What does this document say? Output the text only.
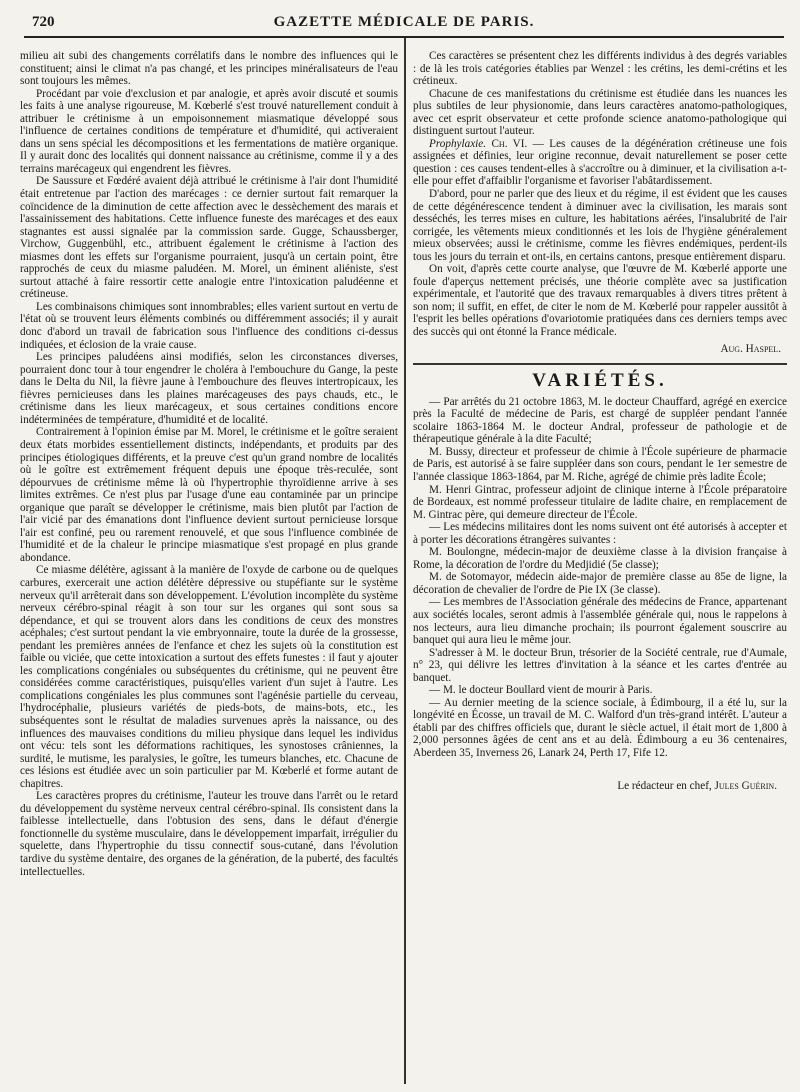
720	GAZETTE MÉDICALE DE PARIS.

milieu ait subi des changements corrélatifs dans le nombre des influences qui le constituent; ainsi le climat n'a pas changé, et les principes minéralisateurs de l'eau sont toujours les mêmes.

Procédant par voie d'exclusion et par analogie, et après avoir discuté et soumis les faits à une analyse rigoureuse, M. Kœberlé s'est trouvé naturellement conduit à attribuer le crétinisme à un empoisonnement miasmatique développé sous l'influence de certaines conditions de température et d'humidité, qui activeraient dans un sens spécial les décompositions et les fermentations de matière organique. Il y aurait donc des localités qui donnent naissance au crétinisme, comme il y a des terrains marécageux qui engendrent les fièvres.

De Saussure et Fœdéré avaient déjà attribué le crétinisme à l'air dont l'humidité était entretenue par l'action des marécages : ce dernier surtout fait remarquer la coïncidence de la diminution de cette affection avec le dessèchement des marais et l'assainissement des habitations. Cette influence funeste des marécages et des eaux stagnantes est aussi signalée par la commission sarde. Gugge, Schaussberger, Virchow, Guggenbühl, etc., attribuent également le crétinisme à l'action des miasmes dont les effets sur l'organisme pourraient, jusqu'à un certain point, être rapprochés de ceux du miasme paludéen. M. Morel, un éminent aliéniste, s'est surtout attaché à faire ressortir cette analogie entre l'intoxication paludéenne et crétineuse.

Les combinaisons chimiques sont innombrables; elles varient surtout en vertu de l'état où se trouvent leurs éléments combinés ou différemment associés; il y aurait donc d'abord un travail de fabrication sous l'influence des conditions ci-dessus indiquées, et éclosion de la vraie cause.

Les principes paludéens ainsi modifiés, selon les circonstances diverses, pourraient donc tour à tour engendrer le choléra à l'embouchure du Gange, la peste dans le Delta du Nil, la fièvre jaune à l'embouchure des fleuves intertropicaux, les fièvres pernicieuses dans les plaines marécageuses des pays chauds, etc., le crétinisme dans les lieux marécageux, et sous certaines conditions encore indéterminées de température, d'humidité et de localité.

Contrairement à l'opinion émise par M. Morel, le crétinisme et le goître seraient deux états morbides essentiellement distincts, indépendants, et produits par des principes étiologiques différents, et la preuve c'est qu'un grand nombre de localités où le goître est extrêmement fréquent depuis une époque très-reculée, sont dépourvues de crétinisme même là où l'hypertrophie thyroïdienne arrive à ses limites extrêmes. Ce n'est plus par l'usage d'une eau contaminée par un principe organique que paraît se développer le crétinisme, mais bien plutôt par l'action de l'air vicié par des émanations dont l'influence devient surtout pernicieuse lorsque l'air est confiné, peu ou rarement renouvelé, et que sous l'influence combinée de l'humidité et de la chaleur le principe miasmatique s'est propagé en plus grande abondance.

Ce miasme délétère, agissant à la manière de l'oxyde de carbone ou de quelques carbures, exercerait une action délétère dépressive ou stupéfiante sur le système nerveux qu'il arrêterait dans son développement. L'évolution incomplète du système nerveux cérébro-spinal réagit à son tour sur les organes qui sont sous sa dépendance, et qui se trouvent alors dans les conditions de ceux des monstres acéphales; c'est surtout pendant la vie embryonnaire, toute la durée de la grossesse, pendant les premières années de l'enfance et chez les sujets où la constitution est faible ou viciée, que cette intoxication a surtout des effets funestes : il faut y ajouter les complications congéniales ou subséquentes du crétinisme, qui ne peuvent être considérées comme caractéristiques, puisqu'elles varient d'un sujet à l'autre. Les complications congéniales les plus communes sont l'agénésie partielle du cerveau, l'hydrocéphalie, plusieurs variétés de pieds-bots, de mains-bots, etc., les subséquentes sont le résultat de maladies survenues après la naissance, ou des influences des mauvaises conditions du milieu physique dans lequel les individus ont vécu: tels sont les déformations rachitiques, les synostoses crâniennes, la surdité, le mutisme, les paralysies, le goître, les tumeurs blanches, etc. Chacune de ces lésions est étudiée avec un soin particulier par M. Kœberlé et forme autant de chapitres.

Les caractères propres du crétinisme, l'auteur les trouve dans l'arrêt ou le retard du développement du système nerveux central cérébro-spinal. Ils consistent dans la faiblesse intellectuelle, dans l'obtusion des sens, dans le défaut d'énergie fonctionnelle du système musculaire, dans le développement imparfait, irrégulier du squelette, dans l'hypertrophie du tissu connectif sous-cutané, dans l'évolution tardive du système dentaire, des organes de la génération, de la puberté, des facultés intellectuelles.

Ces caractères se présentent chez les différents individus à des degrés variables : de là les trois catégories établies par Wenzel : les crétins, les demi-crétins et les crétineux.

Chacune de ces manifestations du crétinisme est étudiée dans les nuances les plus subtiles de leur physionomie, dans leurs caractères anatomo-pathologiques, avec cet esprit observateur et cette profonde science anatomo-pathologique qui distinguent surtout l'auteur.

Prophylaxie. Ch. VI. — Les causes de la dégénération crétineuse une fois assignées et définies, leur origine reconnue, devait naturellement se poser cette question : ces causes tendent-elles à s'accroître ou à diminuer, et la civilisation a-t-elle pour effet d'affaiblir l'organisme et favoriser l'abâtardissement.

D'abord, pour ne parler que des lieux et du régime, il est évident que les causes de cette dégénérescence tendent à diminuer avec la civilisation, les marais sont desséchés, les terres mises en culture, les habitations aérées, l'insalubrité de l'air corrigée, les vêtements mieux conditionnés et les lois de l'hygiène généralement mieux observées; aussi le crétinisme, comme les fièvres endémiques, perdent-ils tous les jours du terrain et ont-ils, en certains cantons, presque entièrement disparu.

On voit, d'après cette courte analyse, que l'œuvre de M. Kœberlé apporte une foule d'aperçus nettement précisés, une théorie complète avec sa justification expérimentale, et l'autorité que des travaux remarquables à divers titres prêtent à son nom; il suffit, en effet, de citer le nom de M. Kœberlé pour rappeler aussitôt à l'esprit les belles opérations d'ovariotomie pratiquées dans ces derniers temps avec des succès qui ont étonné la France médicale.

Aug. Haspel.

VARIÉTÉS.

— Par arrêtés du 21 octobre 1863, M. le docteur Chauffard, agrégé en exercice près la Faculté de médecine de Paris, est chargé de suppléer pendant l'année scolaire 1863-1864 M. le docteur Andral, professeur de pathologie et de thérapeutique générale à la dite Faculté;

M. Bussy, directeur et professeur de chimie à l'École supérieure de pharmacie de Paris, est autorisé à se faire suppléer dans son cours, pendant le 1er semestre de l'année classique 1863-1864, par M. Riche, agrégé de chimie près ladite École;

M. Henri Gintrac, professeur adjoint de clinique interne à l'École préparatoire de Bordeaux, est nommé professeur titulaire de ladite chaire, en remplacement de M. Gintrac père, qui demeure directeur de l'École.

— Les médecins militaires dont les noms suivent ont été autorisés à accepter et à porter les décorations étrangères suivantes :

M. Boulongne, médecin-major de deuxième classe à la division française à Rome, la décoration de l'ordre du Medjidié (5e classe);

M. de Sotomayor, médecin aide-major de première classe au 85e de ligne, la décoration de chevalier de l'ordre de Pie IX (3e classe).

— Les membres de l'Association générale des médecins de France, appartenant aux sociétés locales, seront admis à l'assemblée générale qui, nous le rappelons à nos lecteurs, aura lieu dimanche prochain; ils pourront également souscrire au banquet qui aura lieu le même jour.

S'adresser à M. le docteur Brun, trésorier de la Société centrale, rue d'Aumale, n° 23, qui délivre les lettres d'invitation à la séance et les cartes d'entrée au banquet.

— M. le docteur Boullard vient de mourir à Paris.

— Au dernier meeting de la science sociale, à Édimbourg, il a été lu, sur la longévité en Écosse, un travail de M. C. Walford d'un très-grand intérêt. L'auteur a établi par des chiffres officiels que, durant le siècle actuel, il était mort de 1,800 à 2,000 personnes âgées de cent ans et au delà. Édimbourg a eu 36 centenaires, Aberdeen 35, Inverness 26, Lanark 24, Perth 17, Fife 12.

Le rédacteur en chef, Jules Guérin.
